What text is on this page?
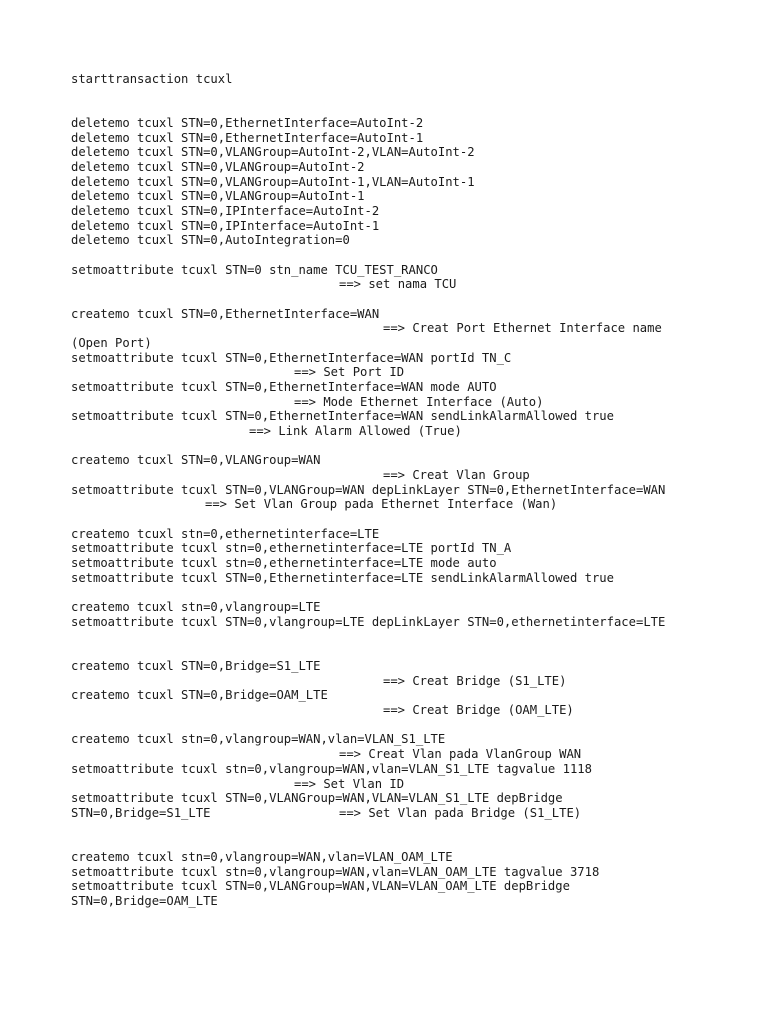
starttransaction tcuxl
deletemo tcuxl STN=0,EthernetInterface=AutoInt-2
deletemo tcuxl STN=0,EthernetInterface=AutoInt-1
deletemo tcuxl STN=0,VLANGroup=AutoInt-2,VLAN=AutoInt-2
deletemo tcuxl STN=0,VLANGroup=AutoInt-2
deletemo tcuxl STN=0,VLANGroup=AutoInt-1,VLAN=AutoInt-1
deletemo tcuxl STN=0,VLANGroup=AutoInt-1
deletemo tcuxl STN=0,IPInterface=AutoInt-2
deletemo tcuxl STN=0,IPInterface=AutoInt-1
deletemo tcuxl STN=0,AutoIntegration=0
setmoattribute tcuxl STN=0 stn_name TCU_TEST_RANCO
==> set nama TCU
createmo tcuxl STN=0,EthernetInterface=WAN
==> Creat Port Ethernet Interface name
(Open Port)
setmoattribute tcuxl STN=0,EthernetInterface=WAN portId TN_C
==> Set Port ID
setmoattribute tcuxl STN=0,EthernetInterface=WAN mode AUTO
==> Mode Ethernet Interface (Auto)
setmoattribute tcuxl STN=0,EthernetInterface=WAN sendLinkAlarmAllowed true
==> Link Alarm Allowed (True)
createmo tcuxl STN=0,VLANGroup=WAN
==> Creat Vlan Group
setmoattribute tcuxl STN=0,VLANGroup=WAN depLinkLayer STN=0,EthernetInterface=WAN
==> Set Vlan Group pada Ethernet Interface (Wan)
createmo tcuxl stn=0,ethernetinterface=LTE
setmoattribute tcuxl stn=0,ethernetinterface=LTE portId TN_A
setmoattribute tcuxl stn=0,ethernetinterface=LTE mode auto
setmoattribute tcuxl STN=0,Ethernetinterface=LTE sendLinkAlarmAllowed true
createmo tcuxl stn=0,vlangroup=LTE
setmoattribute tcuxl STN=0,vlangroup=LTE depLinkLayer STN=0,ethernetinterface=LTE
createmo tcuxl STN=0,Bridge=S1_LTE
==> Creat Bridge (S1_LTE)
createmo tcuxl STN=0,Bridge=OAM_LTE
==> Creat Bridge (OAM_LTE)
createmo tcuxl stn=0,vlangroup=WAN,vlan=VLAN_S1_LTE
==> Creat Vlan pada VlanGroup WAN
setmoattribute tcuxl stn=0,vlangroup=WAN,vlan=VLAN_S1_LTE tagvalue 1118
==> Set Vlan ID
setmoattribute tcuxl STN=0,VLANGroup=WAN,VLAN=VLAN_S1_LTE depBridge
STN=0,Bridge=S1_LTE	==> Set Vlan pada Bridge (S1_LTE)
createmo tcuxl stn=0,vlangroup=WAN,vlan=VLAN_OAM_LTE
setmoattribute tcuxl stn=0,vlangroup=WAN,vlan=VLAN_OAM_LTE tagvalue 3718
setmoattribute tcuxl STN=0,VLANGroup=WAN,VLAN=VLAN_OAM_LTE depBridge
STN=0,Bridge=OAM_LTE
